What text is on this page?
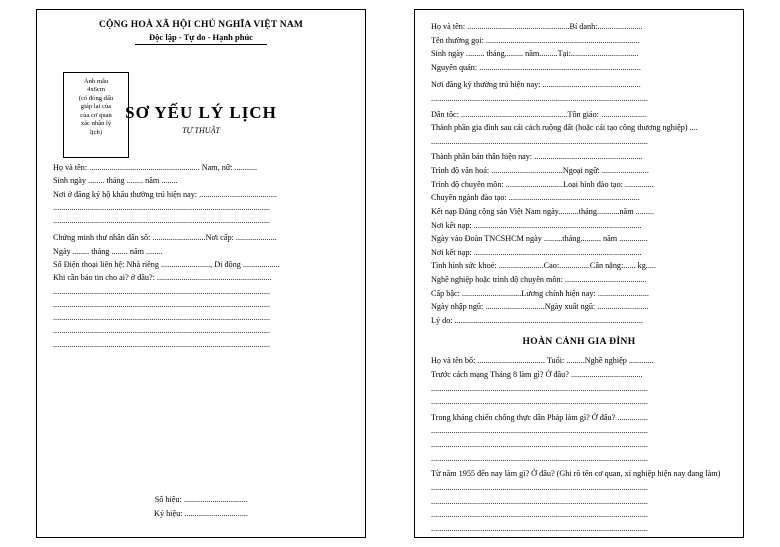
CỘNG HOÀ XÃ HỘI CHỦ NGHĨA VIỆT NAM
Độc lập - Tự do - Hạnh phúc
Ảnh mẫu
4x6cm
(có đóng dấu
giáp lai của
của cơ quan
xác nhận lý
lịch)
SƠ YẾU LÝ LỊCH
TỰ THUẬT
Họ và tên: ...................................................... Nam, nữ: ...........
Sinh ngày ........ tháng ........ năm ........
Nơi ở đăng ký hộ khẩu thường trú hiện nay: ......................................
..........................................................................................................
..........................................................................................................
Chứng minh thư nhân dân số: ..........................Nơi cấp: ....................
Ngày ........ tháng ........ năm ........
Số Điện thoại liên hệ: Nhà riêng ........................, Di động ..................
Khi cần báo tin cho ai? ở đâu?: ........................................................
..........................................................................................................
..........................................................................................................
..........................................................................................................
..........................................................................................................
..........................................................................................................
Số hiệu: ...............................
Ký hiệu: ...............................
Họ và tên: ..................................................Bí danh:......................
Tên thường gọi: ...........................................................................
Sinh ngày ......... tháng......... năm.........Tại:.................................
Nguyên quán: ...............................................................................
Nơi đăng ký thường trú hiện nay: ................................................
..........................................................................................................
Dân tộc: ....................................................Tôn giáo: ......................
Thành phần gia đình sau cải cách ruộng đất (hoặc cải tạo công thương nghiệp) ....
..........................................................................................................
Thành phần bản thân hiện nay: .....................................................
Trình độ văn hoá: ...................................Ngoại ngữ: .......................
Trình độ chuyên môn: ............................Loại hình đào tạo: ..............
Chuyên ngành đào tạo: ................................................................
Kết nạp Đảng cộng sản Việt Nam ngày..........tháng...........năm .........
Nơi kết nạp: ..................................................................................
Ngày vào Đoàn TNCSHCM ngày .........tháng.......... năm ..............
Nơi kết nạp: ..................................................................................
Tình hình sức khoẻ: ......................Cao:...............Cân nặng:...... kg.....
Nghề nghiệp hoặc trình độ chuyên môn: ........................................
Cấp bậc: .............................Lương chính hiện nay: .........................
Ngày nhập ngũ: .............................Ngày xuất ngũ: .........................
Lý do: ............................................................................................
HOÀN CẢNH GIA ĐÌNH
Họ và tên bố: ................................. Tuổi: .........Nghề nghiệp ............
Trước cách mạng Tháng 8 làm gì? Ở đâu? ...................................
..........................................................................................................
..........................................................................................................
Trong kháng chiến chống thực dân Pháp làm gì? Ở đâu? ...............
..........................................................................................................
..........................................................................................................
..........................................................................................................
Từ năm 1955 đến nay làm gì? Ở đâu? (Ghi rõ tên cơ quan, xí nghiệp hiện nay đang làm)
..........................................................................................................
..........................................................................................................
..........................................................................................................
..........................................................................................................
